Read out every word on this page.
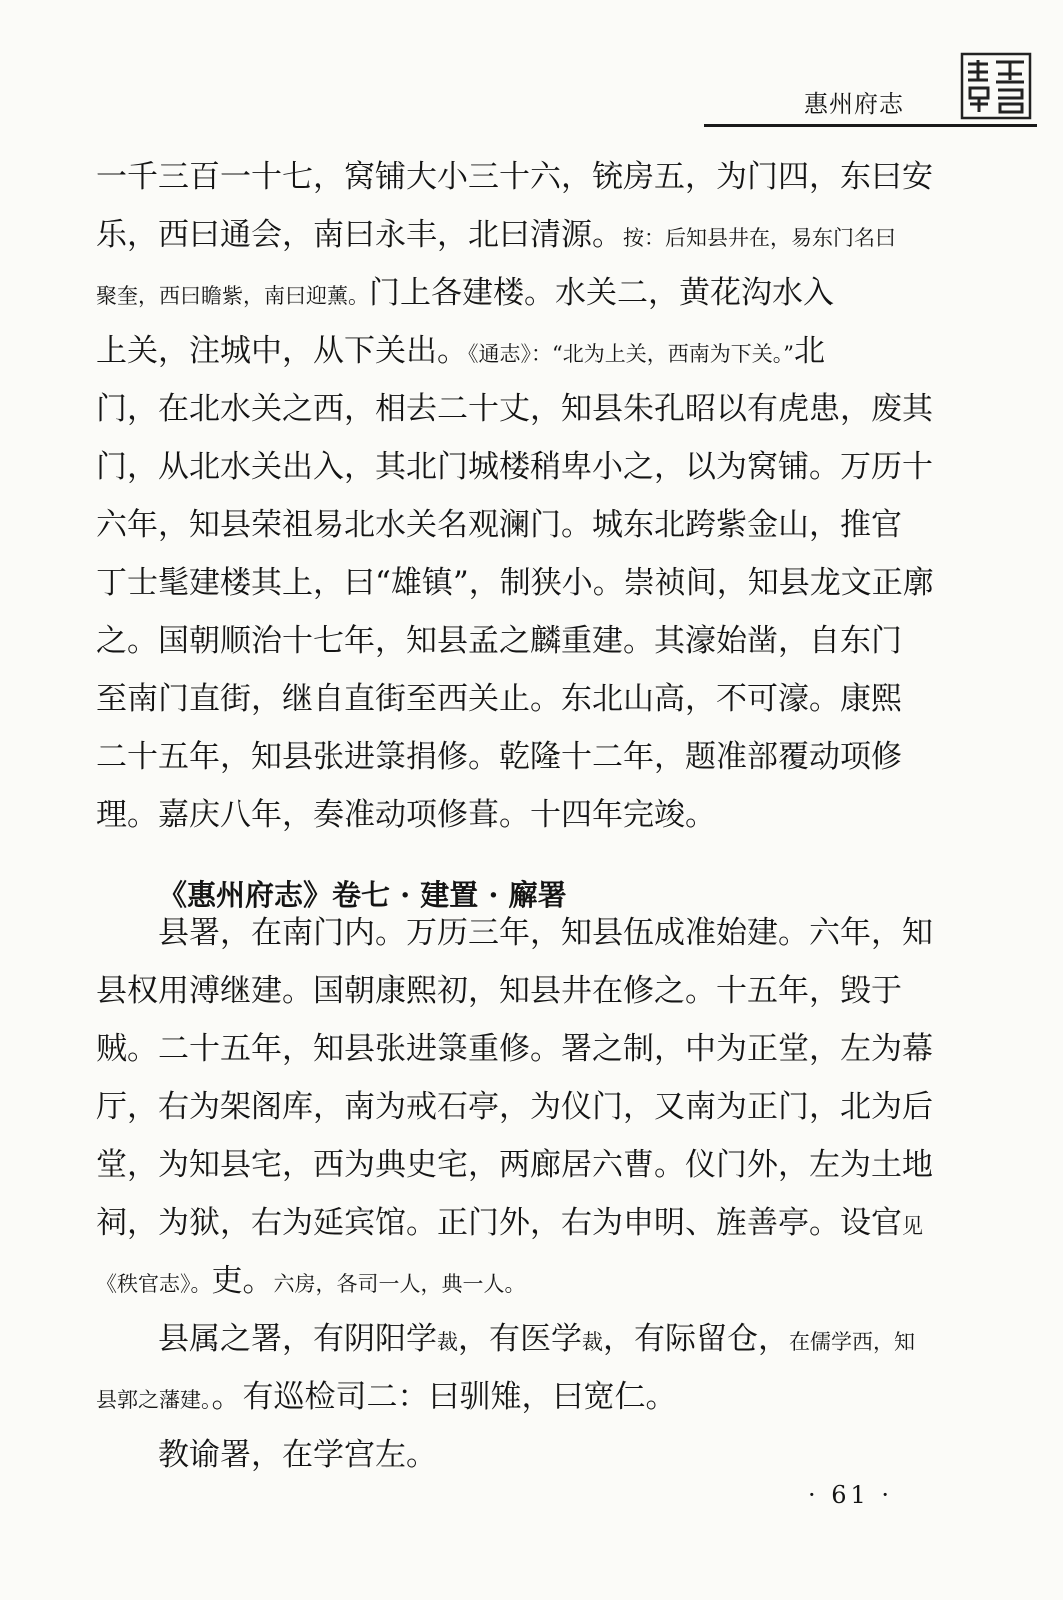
惠州府志
一千三百一十七，窝铺大小三十六，铳房五，为门四，东曰安
乐，西曰通会，南曰永丰，北曰清源。按：后知县井在，易东门名曰
聚奎，西曰瞻紫，南曰迎薰。门上各建楼。水关二，黄花沟水入
上关，注城中，从下关出。《通志》：“北为上关，西南为下关。”北
门，在北水关之西，相去二十丈，知县朱孔昭以有虎患，废其
门，从北水关出入，其北门城楼稍卑小之，以为窝铺。万历十
六年，知县荣祖易北水关名观澜门。城东北跨紫金山，推官
丁士髦建楼其上，曰“雄镇”，制狭小。崇祯间，知县龙文正廓
之。国朝顺治十七年，知县孟之麟重建。其濠始凿，自东门
至南门直街，继自直街至西关止。东北山高，不可濠。康熙
二十五年，知县张进箓捐修。乾隆十二年，题准部覆动项修
理。嘉庆八年，奏准动项修葺。十四年完竣。
《惠州府志》卷七 · 建置 · 廨署
县署，在南门内。万历三年，知县伍成准始建。六年，知
县权用溥继建。国朝康熙初，知县井在修之。十五年，毁于
贼。二十五年，知县张进箓重修。署之制，中为正堂，左为幕
厅，右为架阁库，南为戒石亭，为仪门，又南为正门，北为后
堂，为知县宅，西为典史宅，两廊居六曹。仪门外，左为土地
祠，为狱，右为延宾馆。正门外，右为申明、旌善亭。设官见
《秩官志》。吏。六房，各司一人，典一人。
县属之署，有阴阳学裁，有医学裁，有际留仓，在儒学西，知
县郭之藩建。。有巡检司二：曰驯雉，曰宽仁。
教谕署，在学宫左。
· 61 ·
